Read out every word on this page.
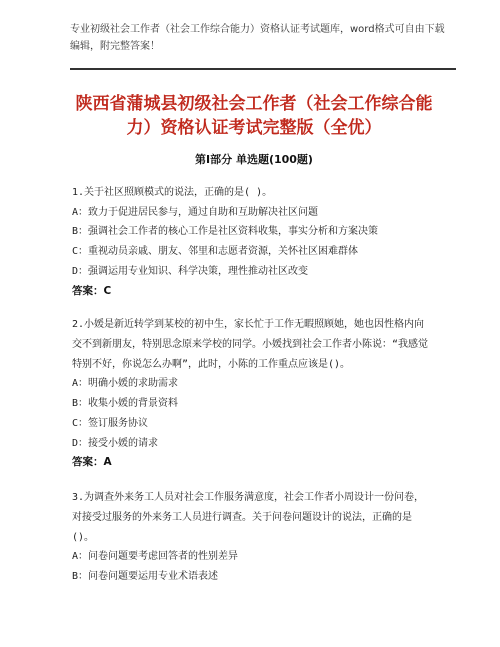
专业初级社会工作者（社会工作综合能力）资格认证考试题库，word格式可自由下载编辑，附完整答案！
陕西省蒲城县初级社会工作者（社会工作综合能力）资格认证考试完整版（全优）
第Ⅰ部分 单选题(100题)
1.关于社区照顾模式的说法，正确的是( )。
A：致力于促进居民参与，通过自助和互助解决社区问题
B：强调社会工作者的核心工作是社区资料收集，事实分析和方案决策
C：重视动员亲戚、朋友、邻里和志愿者资源，关怀社区困难群体
D：强调运用专业知识、科学决策，理性推动社区改变
答案：C
2.小媛是新近转学到某校的初中生，家长忙于工作无暇照顾她，她也因性格内向交不到新朋友，特别思念原来学校的同学。小媛找到社会工作者小陈说：“我感觉特别不好，你说怎么办啊”，此时，小陈的工作重点应该是()。
A：明确小媛的求助需求
B：收集小媛的背景资料
C：签订服务协议
D：接受小媛的请求
答案：A
3.为调查外来务工人员对社会工作服务满意度，社会工作者小周设计一份问卷，对接受过服务的外来务工人员进行调查。关于问卷问题设计的说法，正确的是()。
A：问卷问题要考虑回答者的性别差异
B：问卷问题要运用专业术语表述
